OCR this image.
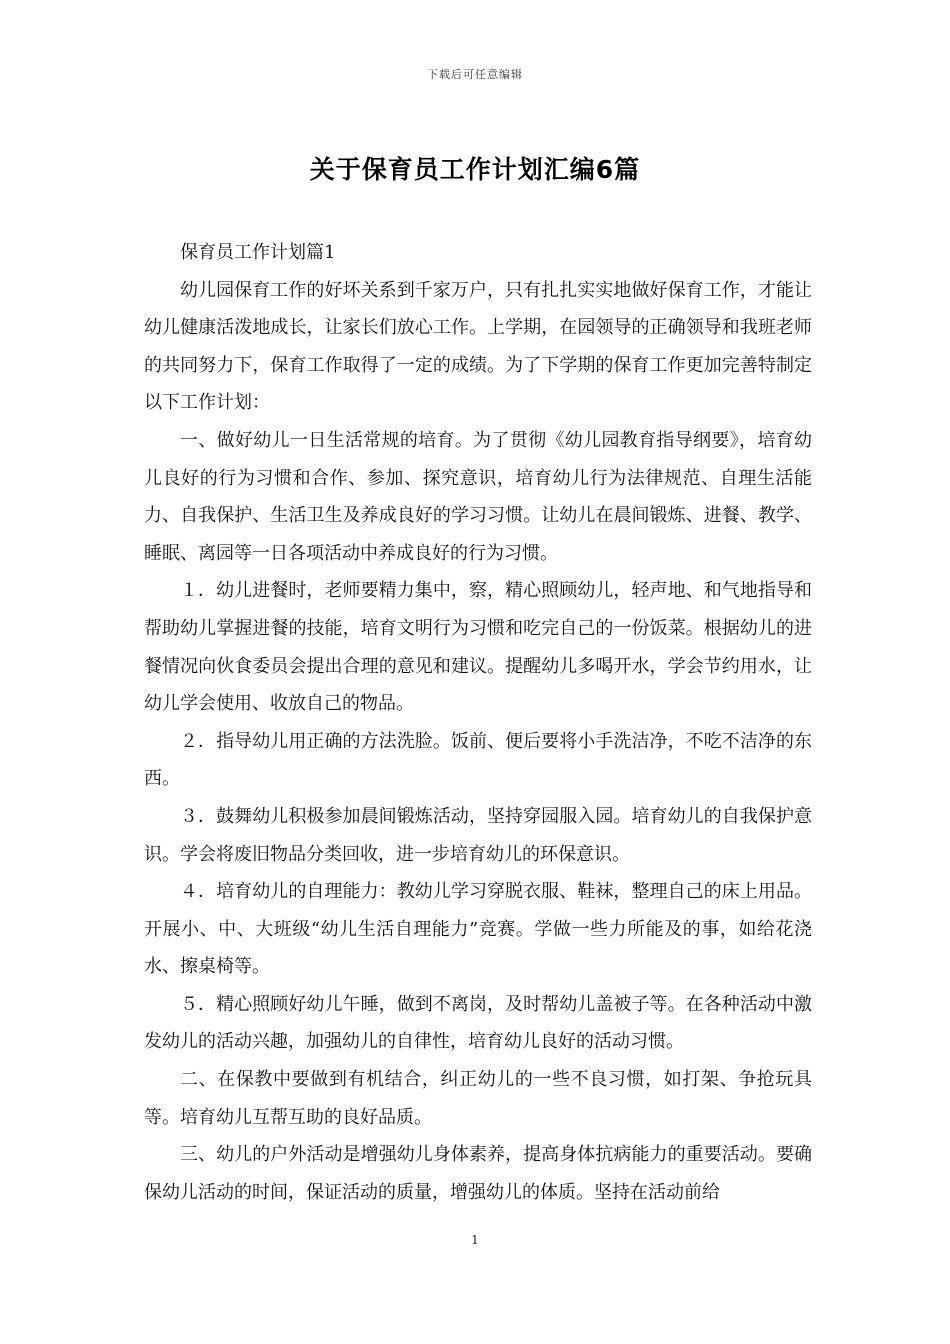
下载后可任意编辑
关于保育员工作计划汇编6篇

保育员工作计划篇1

幼儿园保育工作的好坏关系到千家万户，只有扎扎实实地做好保育工作，才能让幼儿健康活泼地成长，让家长们放心工作。上学期，在园领导的正确领导和我班老师的共同努力下，保育工作取得了一定的成绩。为了下学期的保育工作更加完善特制定以下工作计划：

一、做好幼儿一日生活常规的培育。为了贯彻《幼儿园教育指导纲要》，培育幼儿良好的行为习惯和合作、参加、探究意识，培育幼儿行为法律规范、自理生活能力、自我保护、生活卫生及养成良好的学习习惯。让幼儿在晨间锻炼、进餐、教学、睡眠、离园等一日各项活动中养成良好的行为习惯。

１．幼儿进餐时，老师要精力集中，察，精心照顾幼儿，轻声地、和气地指导和帮助幼儿掌握进餐的技能，培育文明行为习惯和吃完自己的一份饭菜。根据幼儿的进餐情况向伙食委员会提出合理的意见和建议。提醒幼儿多喝开水，学会节约用水，让幼儿学会使用、收放自己的物品。

２．指导幼儿用正确的方法洗脸。饭前、便后要将小手洗洁净，不吃不洁净的东西。

３．鼓舞幼儿积极参加晨间锻炼活动，坚持穿园服入园。培育幼儿的自我保护意识。学会将废旧物品分类回收，进一步培育幼儿的环保意识。

４．培育幼儿的自理能力：教幼儿学习穿脱衣服、鞋袜，整理自己的床上用品。开展小、中、大班级“幼儿生活自理能力”竞赛。学做一些力所能及的事，如给花浇水、擦桌椅等。

５．精心照顾好幼儿午睡，做到不离岗，及时帮幼儿盖被子等。在各种活动中激发幼儿的活动兴趣，加强幼儿的自律性，培育幼儿良好的活动习惯。

二、在保教中要做到有机结合，纠正幼儿的一些不良习惯，如打架、争抢玩具等。培育幼儿互帮互助的良好品质。

三、幼儿的户外活动是增强幼儿身体素养，提高身体抗病能力的重要活动。要确保幼儿活动的时间，保证活动的质量，增强幼儿的体质。坚持在活动前给

1
